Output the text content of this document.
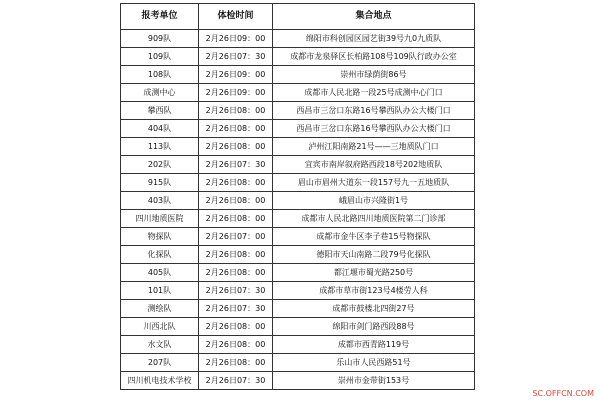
报考单位	体检时间	集合地点
909队	2月26日09：00	绵阳市科创园区园艺街39号九0九质队
109队	2月26日07：30	成都市龙泉驿区长柏路108号109队行政办公室
108队	2月26日09：00	崇州市绿荫街86号
成测中心	2月26日09：00	成都市人民北路一段25号成测中心门口
攀西队	2月26日08：00	西昌市三岔口东路16号攀西队办公大楼门口
404队	2月26日08：00	西昌市三岔口东路16号攀西队办公大楼门口
113队	2月26日08：00	泸州江阳南路21号——三地质队门口
202队	2月26日07：30	宜宾市南岸叙府路西段18号202地质队
915队	2月26日08：00	眉山市眉州大道东一段157号九一五地质队
403队	2月26日08：00	峨眉山市兴隆街1号
四川地质医院	2月26日08：00	成都市人民北路四川地质医院第二门诊部
物探队	2月26日07：00	成都市金牛区李子巷15号物探队
化探队	2月26日08：00	德阳市天山南路二段79号化探队
405队	2月26日08：00	都江堰市蜀光路250号
101队	2月26日07：30	成都市草市街123号4楼劳人科
测绘队	2月26日07：30	成都市鼓楼北四街27号
川西北队	2月26日08：00	绵阳市剑门路西段88号
水文队	2月26日08：00	成都市西青路119号
207队	2月26日08：00	乐山市人民西路51号
四川机电技术学校	2月26日07：30	崇州市金带街153号
SC.OFFCN.COM
